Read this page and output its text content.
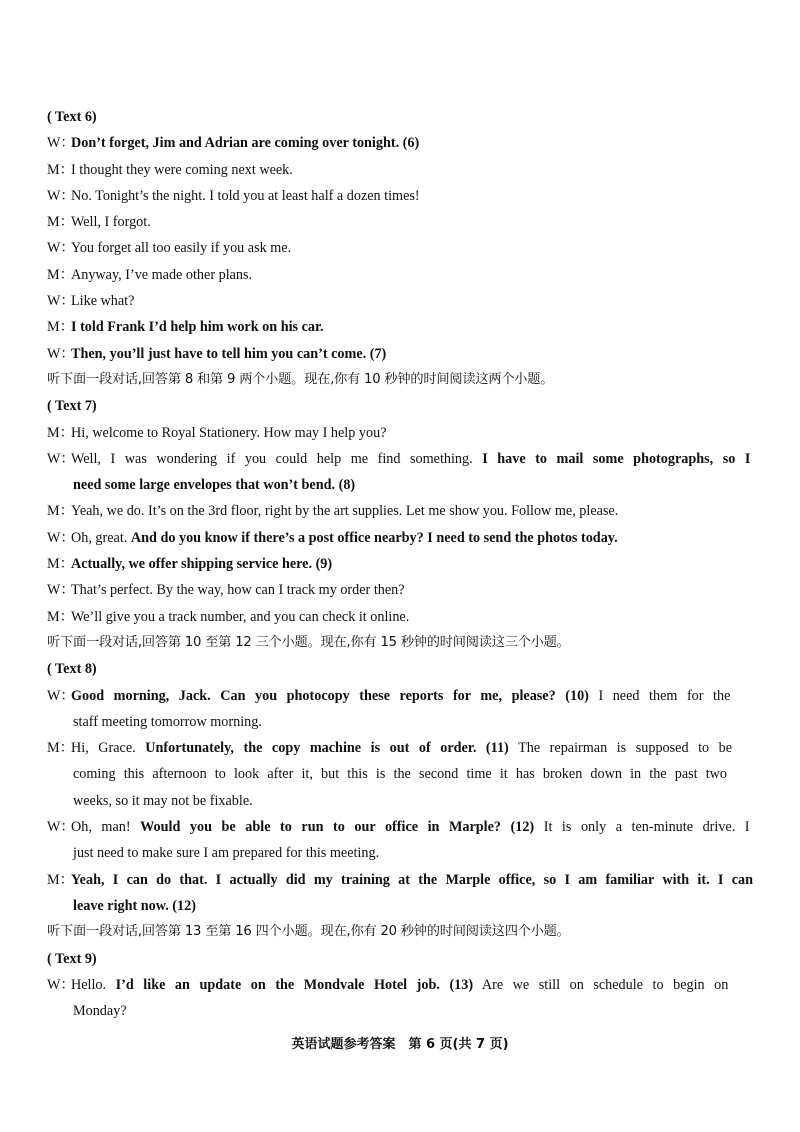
( Text 6)
W：Don’t forget, Jim and Adrian are coming over tonight. (6)
M：I thought they were coming next week.
W：No. Tonight’s the night. I told you at least half a dozen times!
M：Well, I forgot.
W：You forget all too easily if you ask me.
M：Anyway, I’ve made other plans.
W：Like what?
M：I told Frank I’d help him work on his car.
W：Then, you’ll just have to tell him you can’t come. (7)
听下面一段对话,回答第 8 和第 9 两个小题。现在,你有 10 秒钟的时间阅读这两个小题。
( Text 7)
M：Hi, welcome to Royal Stationery. How may I help you?
W：Well, I was wondering if you could help me find something. I have to mail some photographs, so I
need some large envelopes that won’t bend. (8)
M：Yeah, we do. It’s on the 3rd floor, right by the art supplies. Let me show you. Follow me, please.
W：Oh, great. And do you know if there’s a post office nearby? I need to send the photos today.
M：Actually, we offer shipping service here. (9)
W：That’s perfect. By the way, how can I track my order then?
M：We’ll give you a track number, and you can check it online.
听下面一段对话,回答第 10 至第 12 三个小题。现在,你有 15 秒钟的时间阅读这三个小题。
( Text 8)
W：Good morning, Jack. Can you photocopy these reports for me, please? (10) I need them for the
staff meeting tomorrow morning.
M：Hi, Grace. Unfortunately, the copy machine is out of order. (11) The repairman is supposed to be
coming this afternoon to look after it, but this is the second time it has broken down in the past two
weeks, so it may not be fixable.
W：Oh, man! Would you be able to run to our office in Marple? (12) It is only a ten-minute drive. I
just need to make sure I am prepared for this meeting.
M：Yeah, I can do that. I actually did my training at the Marple office, so I am familiar with it. I can
leave right now. (12)
听下面一段对话,回答第 13 至第 16 四个小题。现在,你有 20 秒钟的时间阅读这四个小题。
( Text 9)
W：Hello. I’d like an update on the Mondvale Hotel job. (13) Are we still on schedule to begin on
Monday?
英语试题参考答案　第 6 页(共 7 页)
